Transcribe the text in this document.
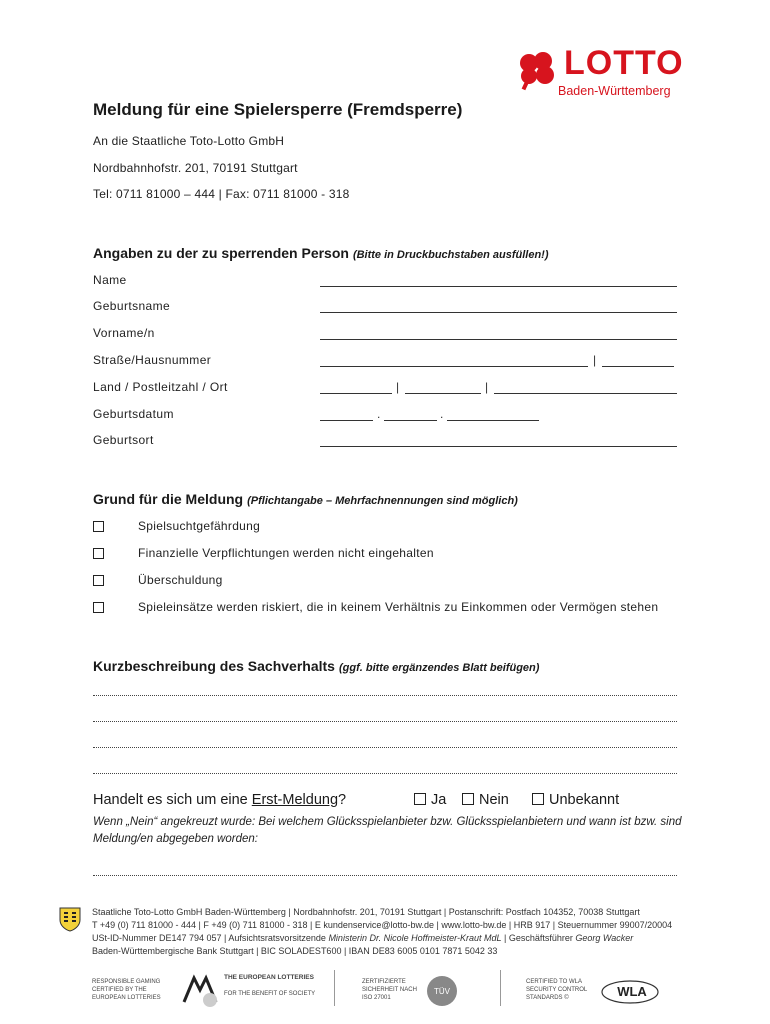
LOTTO
Baden-Württemberg
Meldung für eine Spielersperre (Fremdsperre)
An die Staatliche Toto-Lotto GmbH
Nordbahnhofstr. 201, 70191 Stuttgart
Tel: 0711 81000 – 444 | Fax: 0711 81000 - 318
Angaben zu der zu sperrenden Person (Bitte in Druckbuchstaben ausfüllen!)
Name
Geburtsname
Vorname/n
Straße/Hausnummer	|
Land / Postleitzahl / Ort	|	|
Geburtsdatum	.	.
Geburtsort
Grund für die Meldung (Pflichtangabe – Mehrfachnennungen sind möglich)
Spielsuchtgefährdung
Finanzielle Verpflichtungen werden nicht eingehalten
Überschuldung
Spieleinsätze werden riskiert, die in keinem Verhältnis zu Einkommen oder Vermögen stehen
Kurzbeschreibung des Sachverhalts (ggf. bitte ergänzendes Blatt beifügen)
Handelt es sich um eine Erst-Meldung?	Ja	Nein	Unbekannt
Wenn „Nein“ angekreuzt wurde: Bei welchem Glücksspielanbieter bzw. Glücksspielanbietern und wann ist bzw. sind Meldung/en abgegeben worden:
Staatliche Toto-Lotto GmbH Baden-Württemberg | Nordbahnhofstr. 201, 70191 Stuttgart | Postanschrift: Postfach 104352, 70038 Stuttgart
T +49 (0) 711 81000 - 444 | F +49 (0) 711 81000 - 318 | E kundenservice@lotto-bw.de | www.lotto-bw.de | HRB 917 | Steuernummer 99007/20004
USt-ID-Nummer DE147 794 057 | Aufsichtsratsvorsitzende Ministerin Dr. Nicole Hoffmeister-Kraut MdL | Geschäftsführer Georg Wacker
Baden-Württembergische Bank Stuttgart | BIC SOLADEST600 | IBAN DE83 6005 0101 7871 5042 33
RESPONSIBLE GAMING CERTIFIED BY THE EUROPEAN LOTTERIES
THE EUROPEAN LOTTERIES
FOR THE BENEFIT OF SOCIETY
ZERTIFIZIERTE SICHERHEIT NACH ISO 27001
TÜV
CERTIFIED TO WLA SECURITY CONTROL STANDARDS ©	WLA
